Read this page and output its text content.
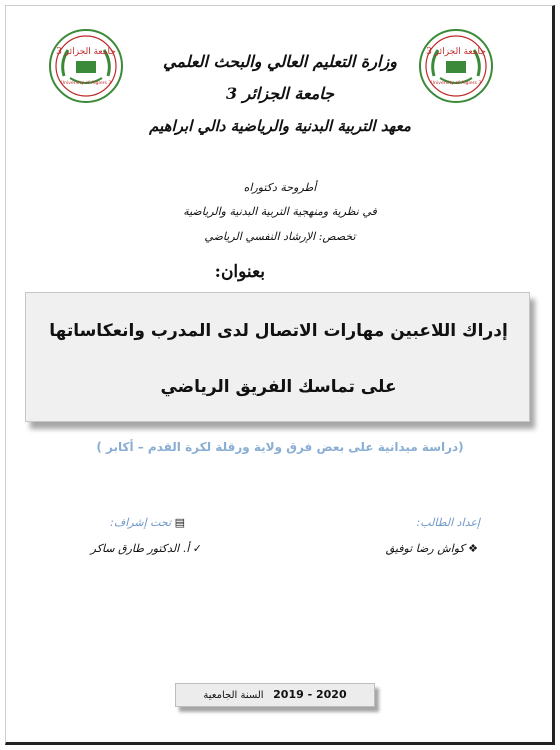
جامعة الجزائر 3
University of Algiers 3
جامعة الجزائر 3
University of Algiers 3
وزارة التعليم العالي والبحث العلمي
جامعة الجزائر 3
معهد التربية البدنية والرياضية دالي ابراهيم
أطروحة دكتوراه
في نظرية ومنهجية التربية البدنية والرياضية
تخصص: الإرشاد النفسي الرياضي
بعنوان:
إدراك اللاعبين مهارات الاتصال لدى المدرب وانعكاساتها
على تماسك الفريق الرياضي
(دراسة ميدانية على بعض فرق ولاية ورقلة لكرة القدم – أكابر )
إعداد الطالب:
▤ تحت إشراف:
❖ كواش رضا توفيق
✓ أ. الدكتور طارق ساكر
السنة الجامعية 2019 - 2020
